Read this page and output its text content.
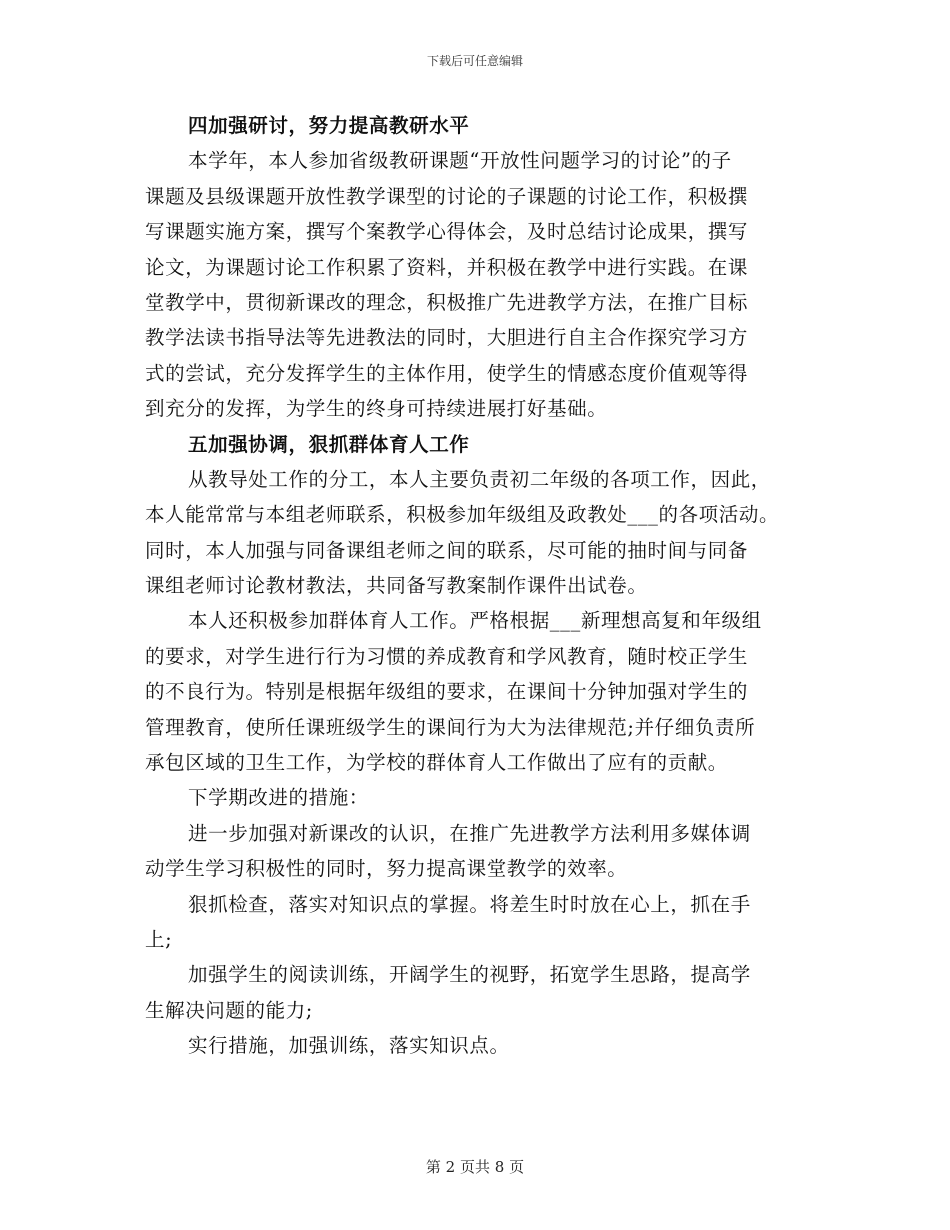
下载后可任意编辑
四加强研讨，努力提高教研水平
本学年，本人参加省级教研课题“开放性问题学习的讨论”的子
课题及县级课题开放性教学课型的讨论的子课题的讨论工作，积极撰
写课题实施方案，撰写个案教学心得体会，及时总结讨论成果，撰写
论文，为课题讨论工作积累了资料，并积极在教学中进行实践。在课
堂教学中，贯彻新课改的理念，积极推广先进教学方法，在推广目标
教学法读书指导法等先进教法的同时，大胆进行自主合作探究学习方
式的尝试，充分发挥学生的主体作用，使学生的情感态度价值观等得
到充分的发挥，为学生的终身可持续进展打好基础。
五加强协调，狠抓群体育人工作
从教导处工作的分工，本人主要负责初二年级的各项工作，因此，
本人能常常与本组老师联系，积极参加年级组及政教处___的各项活动。
同时，本人加强与同备课组老师之间的联系，尽可能的抽时间与同备
课组老师讨论教材教法，共同备写教案制作课件出试卷。
本人还积极参加群体育人工作。严格根据___新理想高复和年级组
的要求，对学生进行行为习惯的养成教育和学风教育，随时校正学生
的不良行为。特别是根据年级组的要求，在课间十分钟加强对学生的
管理教育，使所任课班级学生的课间行为大为法律规范;并仔细负责所
承包区域的卫生工作，为学校的群体育人工作做出了应有的贡献。
下学期改进的措施：
进一步加强对新课改的认识，在推广先进教学方法利用多媒体调
动学生学习积极性的同时，努力提高课堂教学的效率。
狠抓检查，落实对知识点的掌握。将差生时时放在心上，抓在手
上;
加强学生的阅读训练，开阔学生的视野，拓宽学生思路，提高学
生解决问题的能力;
实行措施，加强训练，落实知识点。
第 2 页共 8 页
